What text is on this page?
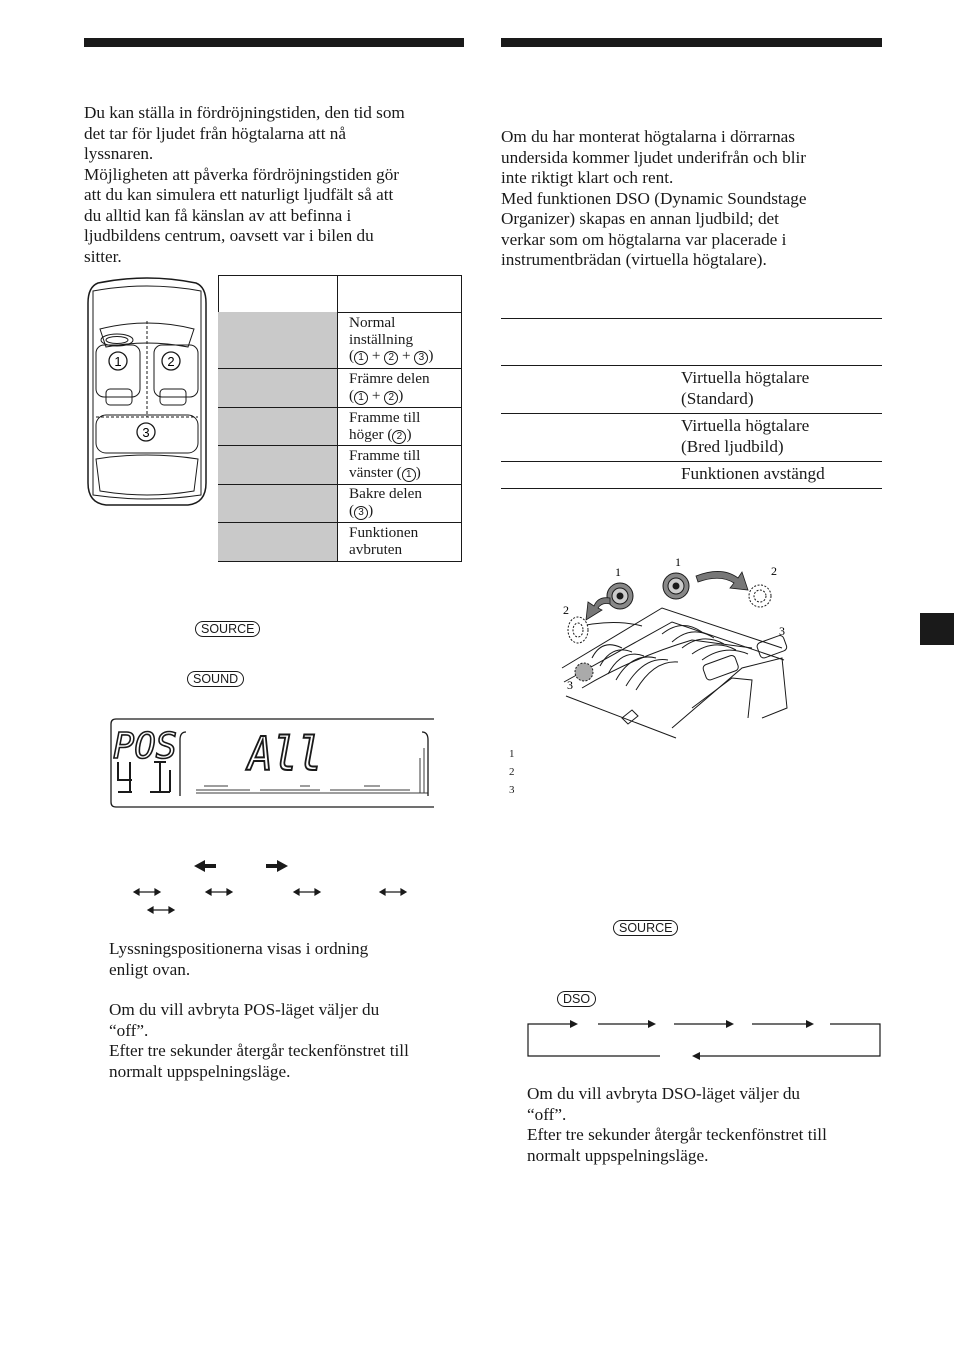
Du kan ställa in fördröjningstiden, den tid som
det tar för ljudet från högtalarna att nå
lyssnaren.
Möjligheten att påverka fördröjningstiden gör
att du kan simulera ett naturligt ljudfält så att
du alltid kan få känslan av att befinna i
ljudbildens centrum, oavsett var i bilen du
sitter.
1	2
3
Normal
inställning
( 1 + 2 + 3 )
Främre delen
( 1 + 2 )
Framme till
höger ( 2 )
Framme till
vänster ( 1 )
Bakre delen
( 3 )
Funktionen
avbruten
SOURCE
SOUND
POS All
Lyssningspositionerna visas i ordning
enligt ovan.
Om du vill avbryta POS-läget väljer du
“off”.
Efter tre sekunder återgår teckenfönstret till
normalt uppspelningsläge.
Om du har monterat högtalarna i dörrarnas
undersida kommer ljudet underifrån och blir
inte riktigt klart och rent.
Med funktionen DSO (Dynamic Soundstage
Organizer) skapas en annan ljudbild; det
verkar som om högtalarna var placerade i
instrumentbrädan (virtuella högtalare).
Virtuella högtalare
(Standard)
Virtuella högtalare
(Bred ljudbild)
Funktionen avstängd
1
1
2
2
3
3
1
2
3
SOURCE
DSO
Om du vill avbryta DSO-läget väljer du
“off”.
Efter tre sekunder återgår teckenfönstret till
normalt uppspelningsläge.
